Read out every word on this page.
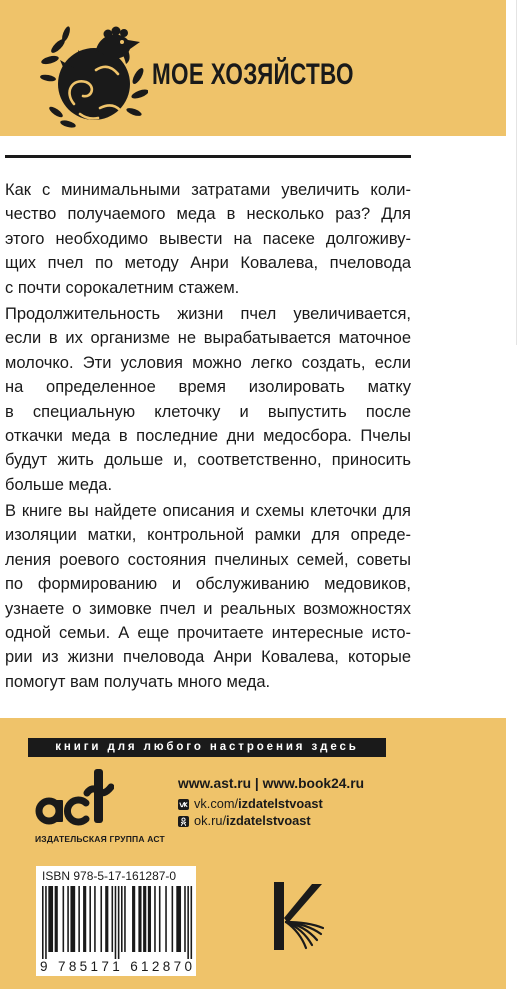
МОЕ ХОЗЯЙСТВО
Как с минимальными затратами увеличить коли-
чество получаемого меда в несколько раз? Для
этого необходимо вывести на пасеке долгоживу-
щих пчел по методу Анри Ковалева, пчеловода
с почти сорокалетним стажем.
Продолжительность жизни пчел увеличивается,
если в их организме не вырабатывается маточное
молочко. Эти условия можно легко создать, если
на определенное время изолировать матку
в специальную клеточку и выпустить после
откачки меда в последние дни медосбора. Пчелы
будут жить дольше и, соответственно, приносить
больше меда.
В книге вы найдете описания и схемы клеточки для
изоляции матки, контрольной рамки для опреде-
ления роевого состояния пчелиных семей, советы
по формированию и обслуживанию медовиков,
узнаете о зимовке пчел и реальных возможностях
одной семьи. А еще прочитаете интересные исто-
рии из жизни пчеловода Анри Ковалева, которые
помогут вам получать много меда.
книги для любого настроения здесь
ИЗДАТЕЛЬСКАЯ ГРУППА АСТ
www.ast.ru | www.book24.ru
vk.com/izdatelstvoast
ok.ru/izdatelstvoast
ISBN 978-5-17-161287-0
9 785171 612870
